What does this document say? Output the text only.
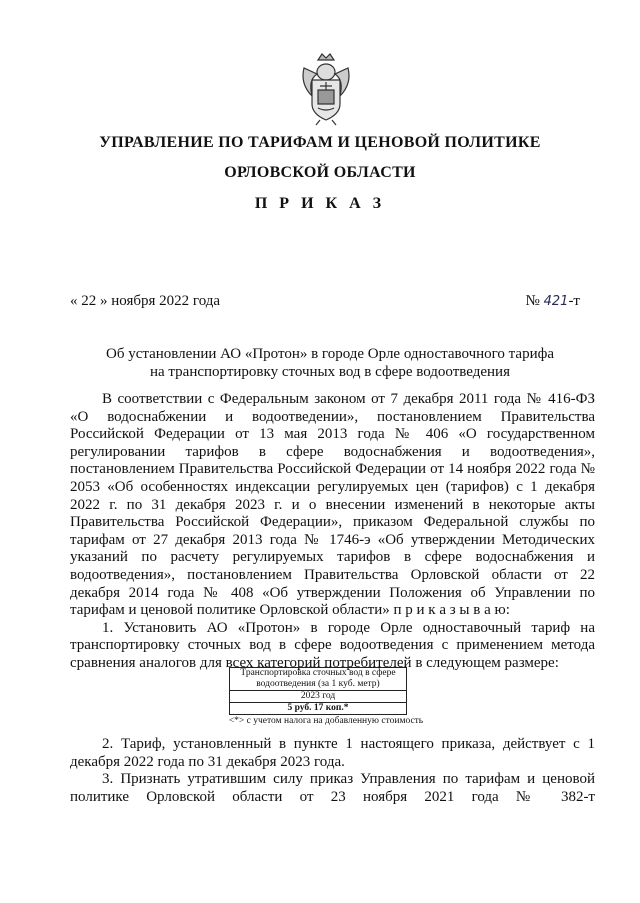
УПРАВЛЕНИЕ ПО ТАРИФАМ И ЦЕНОВОЙ ПОЛИТИКЕ
ОРЛОВСКОЙ ОБЛАСТИ
П Р И К А З
« 22 » ноября 2022 года	№ 421-т
Об установлении АО «Протон» в городе Орле одноставочного тарифа
на транспортировку сточных вод в сфере водоотведения

В соответствии с Федеральным законом от 7 декабря 2011 года № 416-ФЗ «О водоснабжении и водоотведении», постановлением Правительства Российской Федерации от 13 мая 2013 года № 406 «О государственном регулировании тарифов в сфере водоснабжения и водоотведения», постановлением Правительства Российской Федерации от 14 ноября 2022 года № 2053 «Об особенностях индексации регулируемых цен (тарифов) с 1 декабря 2022 г. по 31 декабря 2023 г. и о внесении изменений в некоторые акты Правительства Российской Федерации», приказом Федеральной службы по тарифам от 27 декабря 2013 года № 1746-э «Об утверждении Методических указаний по расчету регулируемых тарифов в сфере водоснабжения и водоотведения», постановлением Правительства Орловской области от 22 декабря 2014 года № 408 «Об утверждении Положения об Управлении по тарифам и ценовой политике Орловской области» п р и к а з ы в а ю:

1. Установить АО «Протон» в городе Орле одноставочный тариф на транспортировку сточных вод в сфере водоотведения с применением метода сравнения аналогов для всех категорий потребителей в следующем размере:

Транспортировка сточных вод в сфере водоотведения (за 1 куб. метр)
2023 год
5 руб. 17 коп.*
<*> с учетом налога на добавленную стоимость

2. Тариф, установленный в пункте 1 настоящего приказа, действует с 1 декабря 2022 года по 31 декабря 2023 года.

3. Признать утратившим силу приказ Управления по тарифам и ценовой политике Орловской области от 23 ноября 2021 года № 382-т
